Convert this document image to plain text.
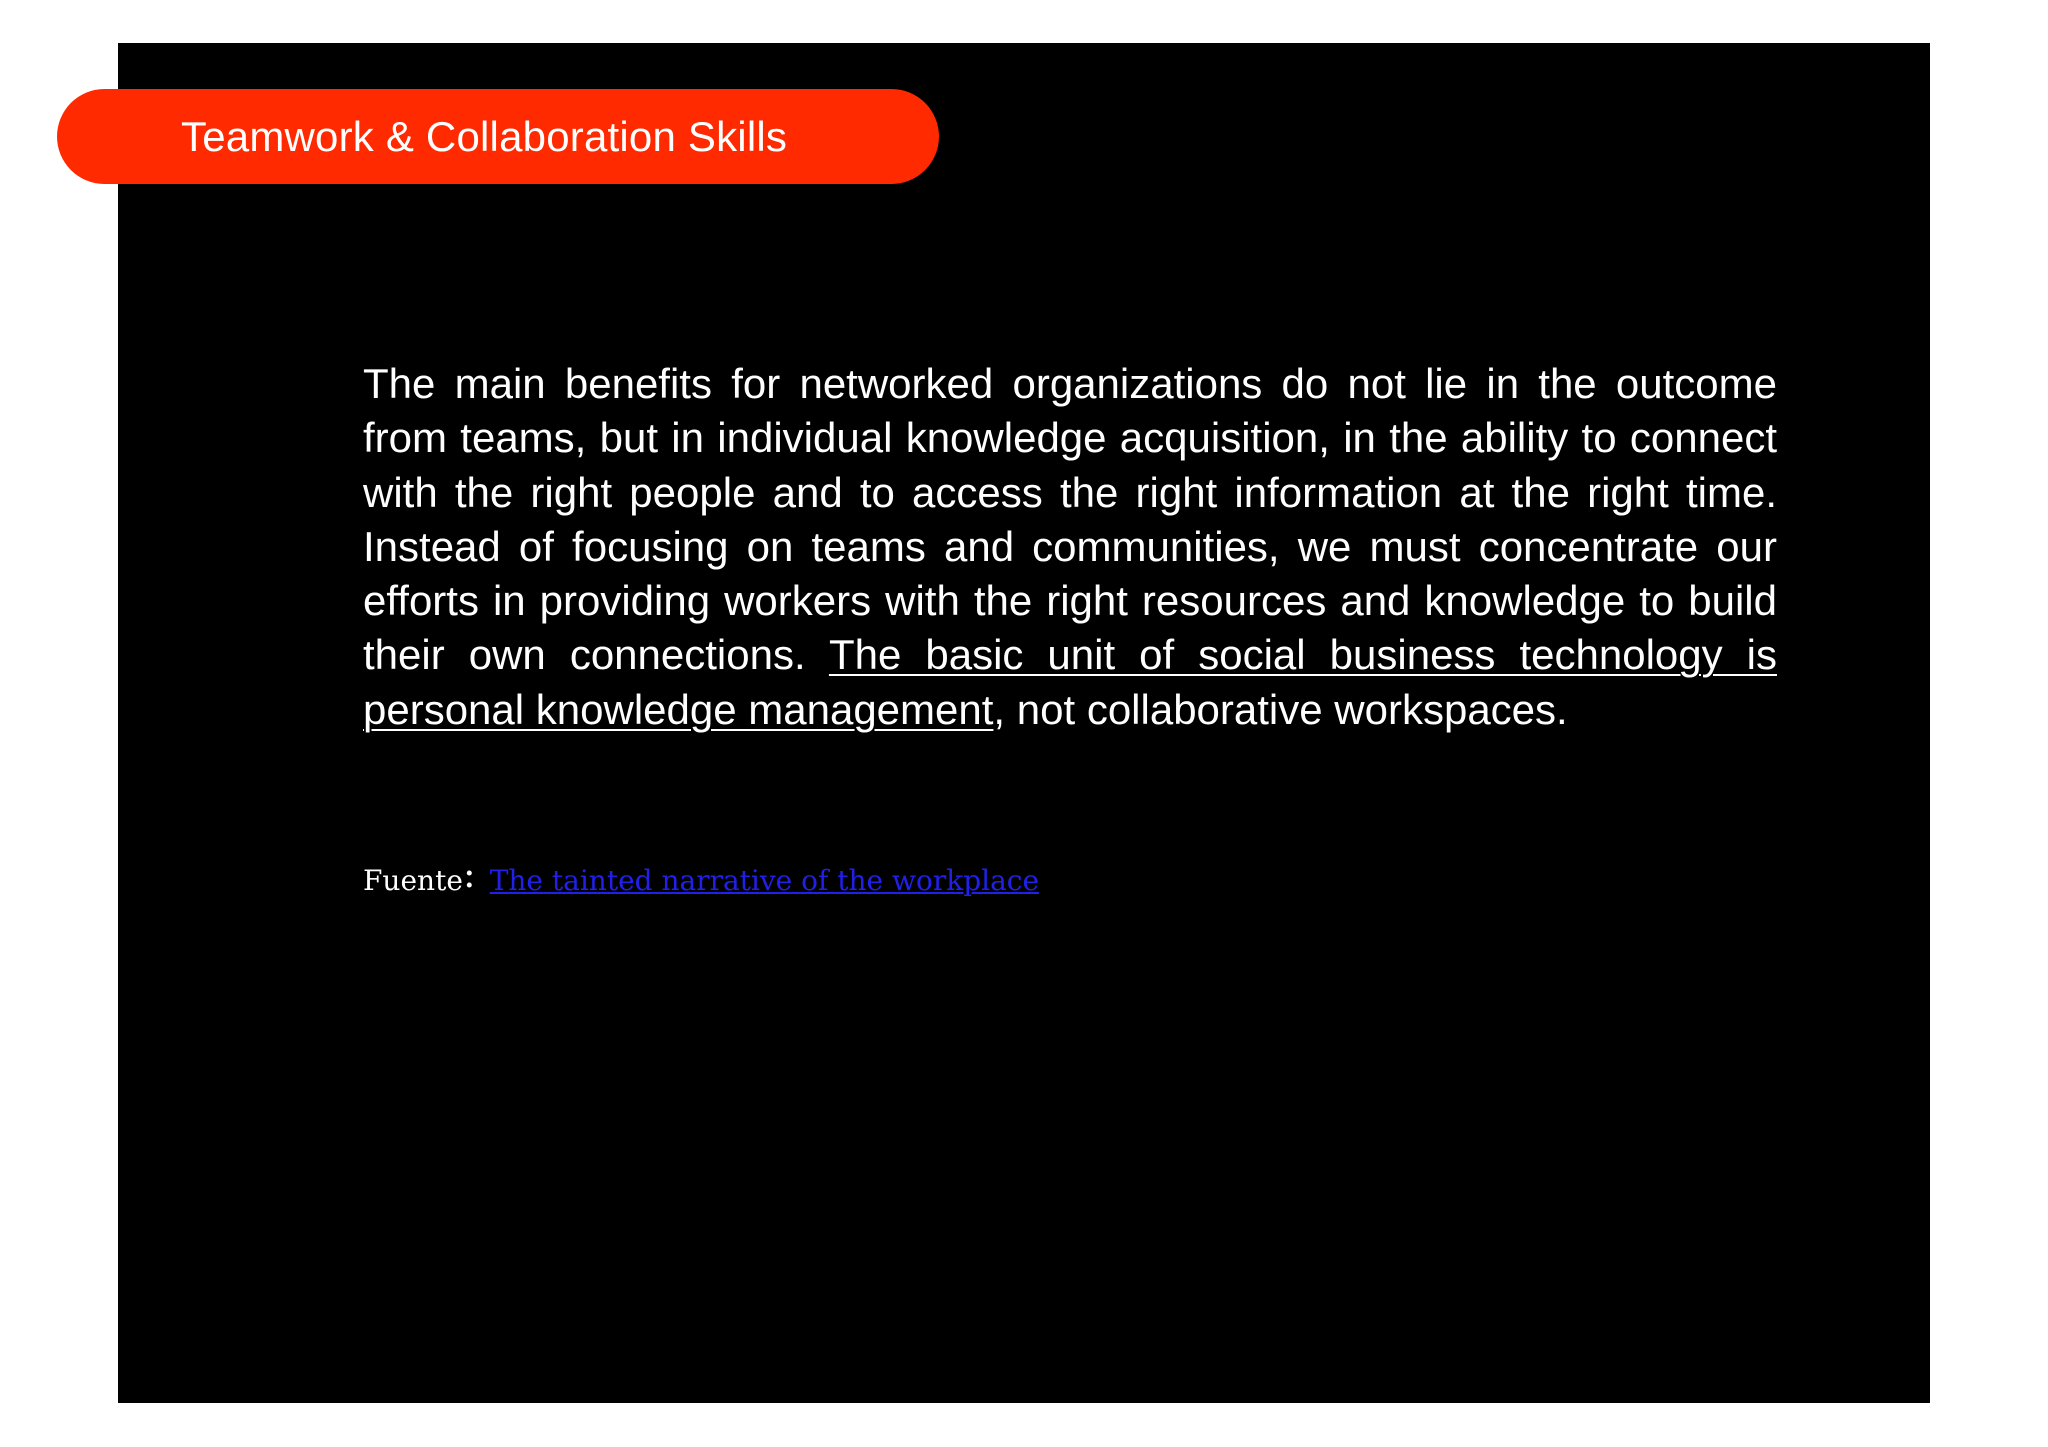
Teamwork & Collaboration Skills

The main benefits for networked organizations do not lie in the outcome from teams, but in individual knowledge acquisition, in the ability to connect with the right people and to access the right information at the right time. Instead of focusing on teams and communities, we must concentrate our efforts in providing workers with the right resources and knowledge to build their own connections. The basic unit of social business technology is personal knowledge management, not collaborative workspaces.

Fuente: The tainted narrative of the workplace
